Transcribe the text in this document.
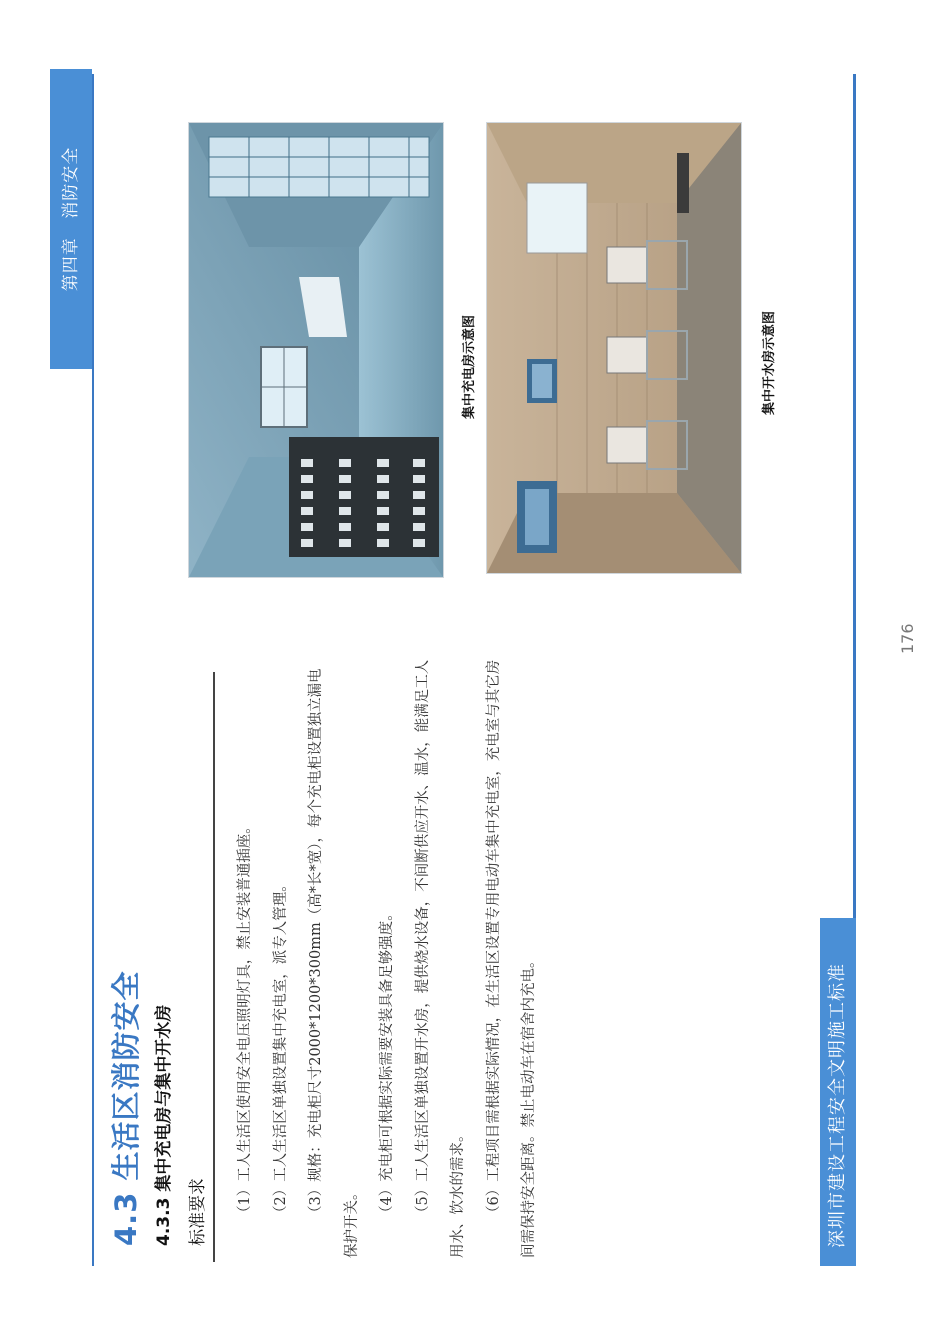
深圳市建设工程安全文明施工标准
第四章 消防安全
4.3 生活区消防安全 4.3.3 集中充电房与集中开水房 标准要求	（1）工人生活区使用安全电压照明灯具，禁止安装普通插座。	（2）工人生活区单独设置集中充电室，派专人管理。	（3）规格：充电柜尺寸2000*1200*300mm（高*长*宽），每个充电柜设置独立漏电保护开关。

（4）充电柜可根据实际需要安装具备足够强度。	（5）工人生活区单独设置开水房，提供烧水设备，不间断供应开水、温水，能满足工人用水、饮水的需求。	（6）工程项目需根据实际情况，在生活区设置专用电动车集中充电室，充电室与其它房间需保持安全距离。禁止电动车在宿舍内充电。

集中充电房示意图	集中开水房示意图
176
